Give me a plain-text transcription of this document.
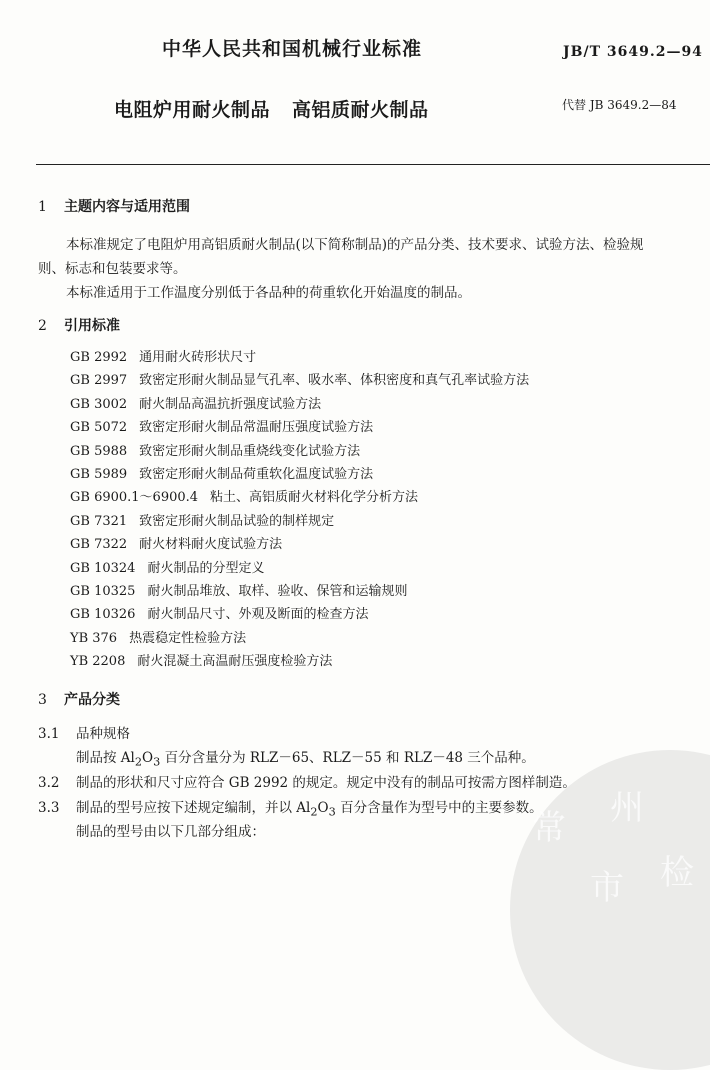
中华人民共和国机械行业标准	JB/T 3649.2—94
电阻炉用耐火制品 高铝质耐火制品	代替 JB 3649.2—84
1 主题内容与适用范围
本标准规定了电阻炉用高铝质耐火制品(以下简称制品)的产品分类、技术要求、试验方法、检验规
则、标志和包装要求等。
本标准适用于工作温度分别低于各品种的荷重软化开始温度的制品。
2 引用标准
GB 2992 通用耐火砖形状尺寸
GB 2997 致密定形耐火制品显气孔率、吸水率、体积密度和真气孔率试验方法
GB 3002 耐火制品高温抗折强度试验方法
GB 5072 致密定形耐火制品常温耐压强度试验方法
GB 5988 致密定形耐火制品重烧线变化试验方法
GB 5989 致密定形耐火制品荷重软化温度试验方法
GB 6900.1～6900.4 粘土、高铝质耐火材料化学分析方法
GB 7321 致密定形耐火制品试验的制样规定
GB 7322 耐火材料耐火度试验方法
GB 10324 耐火制品的分型定义
GB 10325 耐火制品堆放、取样、验收、保管和运输规则
GB 10326 耐火制品尺寸、外观及断面的检查方法
YB 376 热震稳定性检验方法
YB 2208 耐火混凝土高温耐压强度检验方法
3 产品分类
3.1 品种规格
制品按 $Al_2O_3$ 百分含量分为 RLZ－65、RLZ－55 和 RLZ－48 三个品种。
3.2 制品的形状和尺寸应符合 GB 2992 的规定。规定中没有的制品可按需方图样制造。
3.3 制品的型号应按下述规定编制，并以 $Al_2O_3$ 百分含量作为型号中的主要参数。
制品的型号由以下几部分组成：	常 州
市 检
